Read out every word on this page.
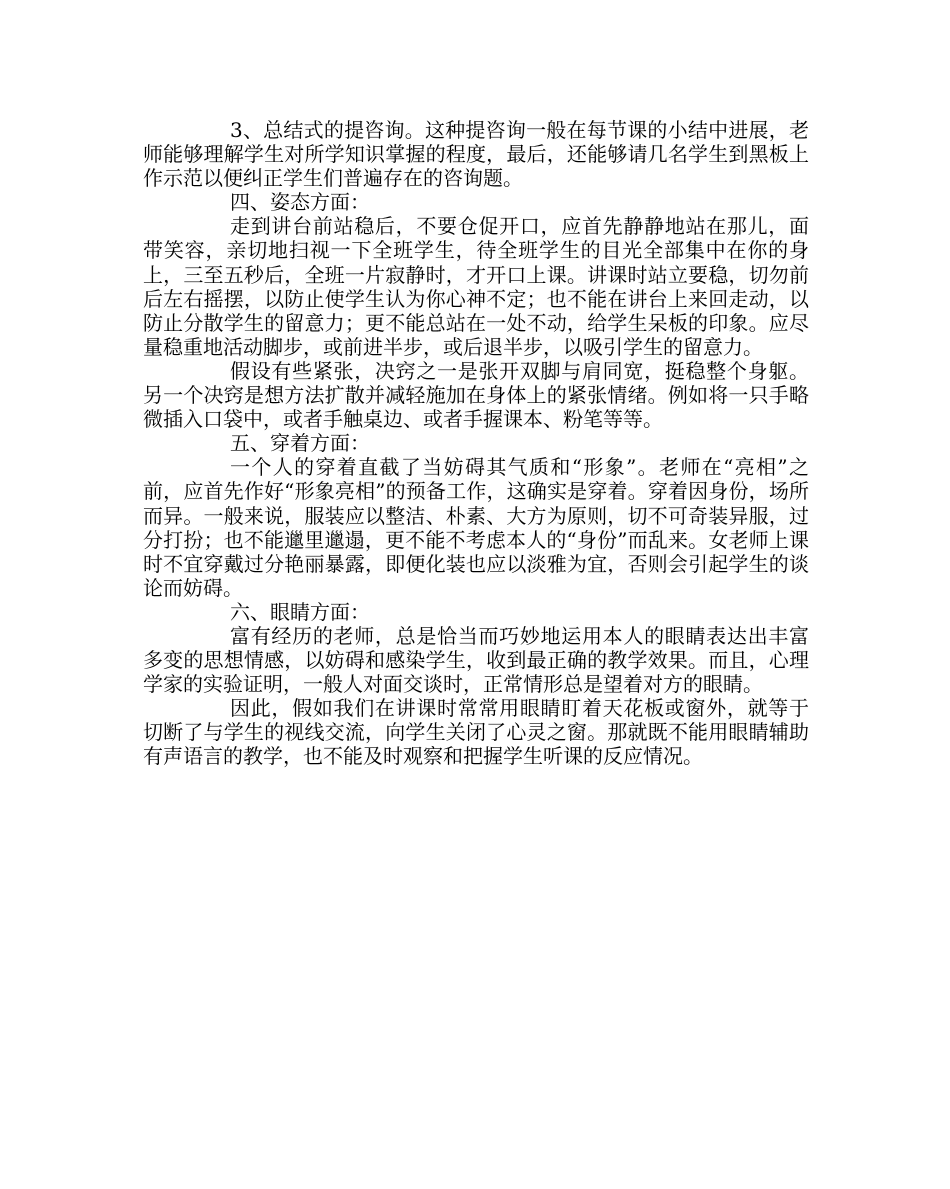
3、总结式的提咨询。这种提咨询一般在每节课的小结中进展，老师能够理解学生对所学知识掌握的程度，最后，还能够请几名学生到黑板上作示范以便纠正学生们普遍存在的咨询题。

四、姿态方面：

走到讲台前站稳后，不要仓促开口，应首先静静地站在那儿，面带笑容，亲切地扫视一下全班学生，待全班学生的目光全部集中在你的身上，三至五秒后，全班一片寂静时，才开口上课。讲课时站立要稳，切勿前后左右摇摆，以防止使学生认为你心神不定；也不能在讲台上来回走动，以防止分散学生的留意力；更不能总站在一处不动，给学生呆板的印象。应尽量稳重地活动脚步，或前进半步，或后退半步，以吸引学生的留意力。

假设有些紧张，决窍之一是张开双脚与肩同宽，挺稳整个身躯。另一个决窍是想方法扩散并减轻施加在身体上的紧张情绪。例如将一只手略微插入口袋中，或者手触桌边、或者手握课本、粉笔等等。

五、穿着方面：

一个人的穿着直截了当妨碍其气质和“形象”。老师在“亮相”之前，应首先作好“形象亮相”的预备工作，这确实是穿着。穿着因身份，场所而异。一般来说，服装应以整洁、朴素、大方为原则，切不可奇装异服，过分打扮；也不能邋里邋遢，更不能不考虑本人的“身份”而乱来。女老师上课时不宜穿戴过分艳丽暴露，即便化装也应以淡雅为宜，否则会引起学生的谈论而妨碍。

六、眼睛方面：

富有经历的老师，总是恰当而巧妙地运用本人的眼睛表达出丰富多变的思想情感，以妨碍和感染学生，收到最正确的教学效果。而且，心理学家的实验证明，一般人对面交谈时，正常情形总是望着对方的眼睛。

因此，假如我们在讲课时常常用眼睛盯着天花板或窗外，就等于切断了与学生的视线交流，向学生关闭了心灵之窗。那就既不能用眼睛辅助有声语言的教学，也不能及时观察和把握学生听课的反应情况。
